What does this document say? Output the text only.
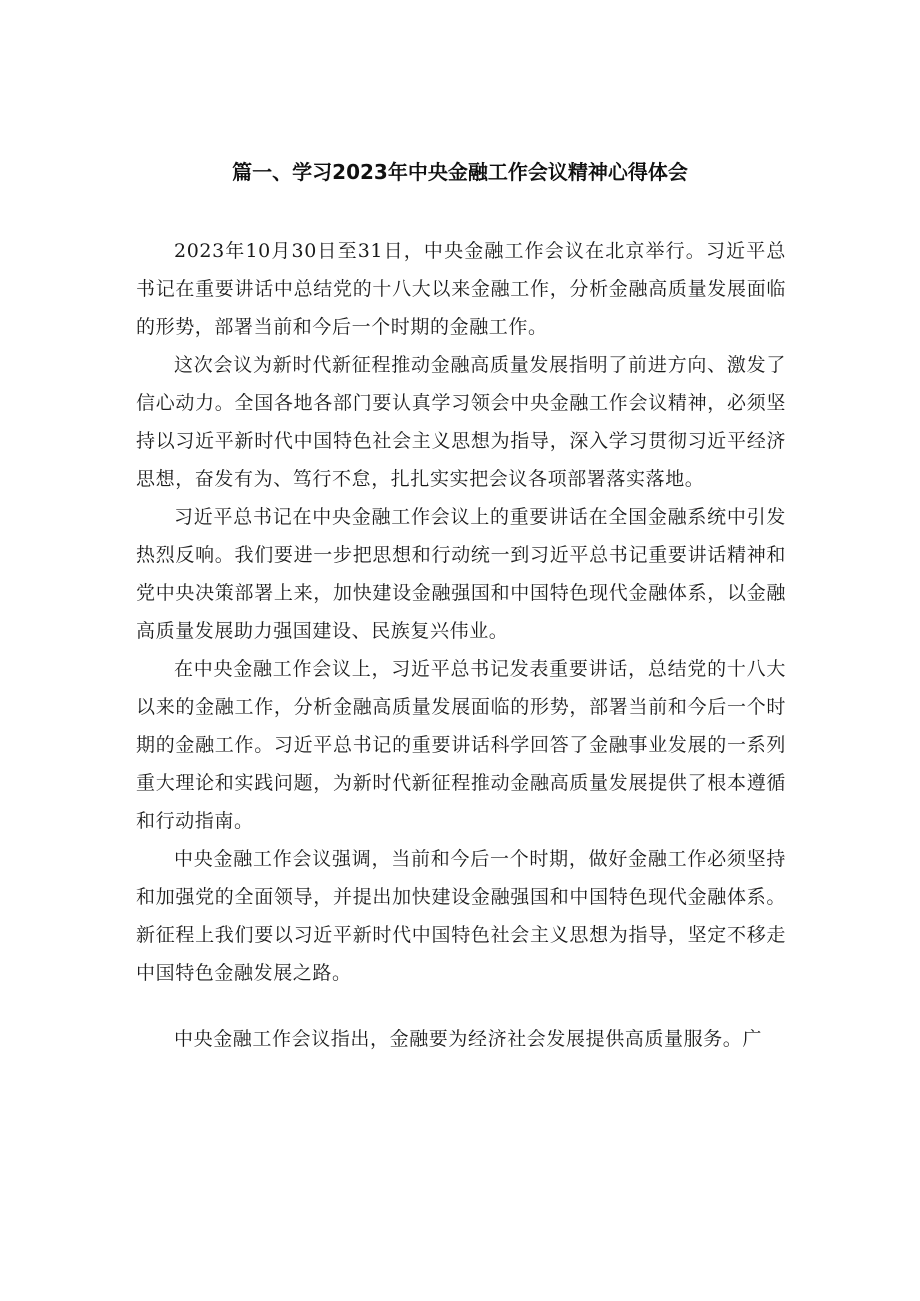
篇一、学习2023年中央金融工作会议精神心得体会

2023年10月30日至31日，中央金融工作会议在北京举行。习近平总书记在重要讲话中总结党的十八大以来金融工作，分析金融高质量发展面临的形势，部署当前和今后一个时期的金融工作。

这次会议为新时代新征程推动金融高质量发展指明了前进方向、激发了信心动力。全国各地各部门要认真学习领会中央金融工作会议精神，必须坚持以习近平新时代中国特色社会主义思想为指导，深入学习贯彻习近平经济思想，奋发有为、笃行不怠，扎扎实实把会议各项部署落实落地。

习近平总书记在中央金融工作会议上的重要讲话在全国金融系统中引发热烈反响。我们要进一步把思想和行动统一到习近平总书记重要讲话精神和党中央决策部署上来，加快建设金融强国和中国特色现代金融体系，以金融高质量发展助力强国建设、民族复兴伟业。

在中央金融工作会议上，习近平总书记发表重要讲话，总结党的十八大以来的金融工作，分析金融高质量发展面临的形势，部署当前和今后一个时期的金融工作。习近平总书记的重要讲话科学回答了金融事业发展的一系列重大理论和实践问题，为新时代新征程推动金融高质量发展提供了根本遵循和行动指南。

中央金融工作会议强调，当前和今后一个时期，做好金融工作必须坚持和加强党的全面领导，并提出加快建设金融强国和中国特色现代金融体系。新征程上我们要以习近平新时代中国特色社会主义思想为指导，坚定不移走中国特色金融发展之路。

中央金融工作会议指出，金融要为经济社会发展提供高质量服务。广
